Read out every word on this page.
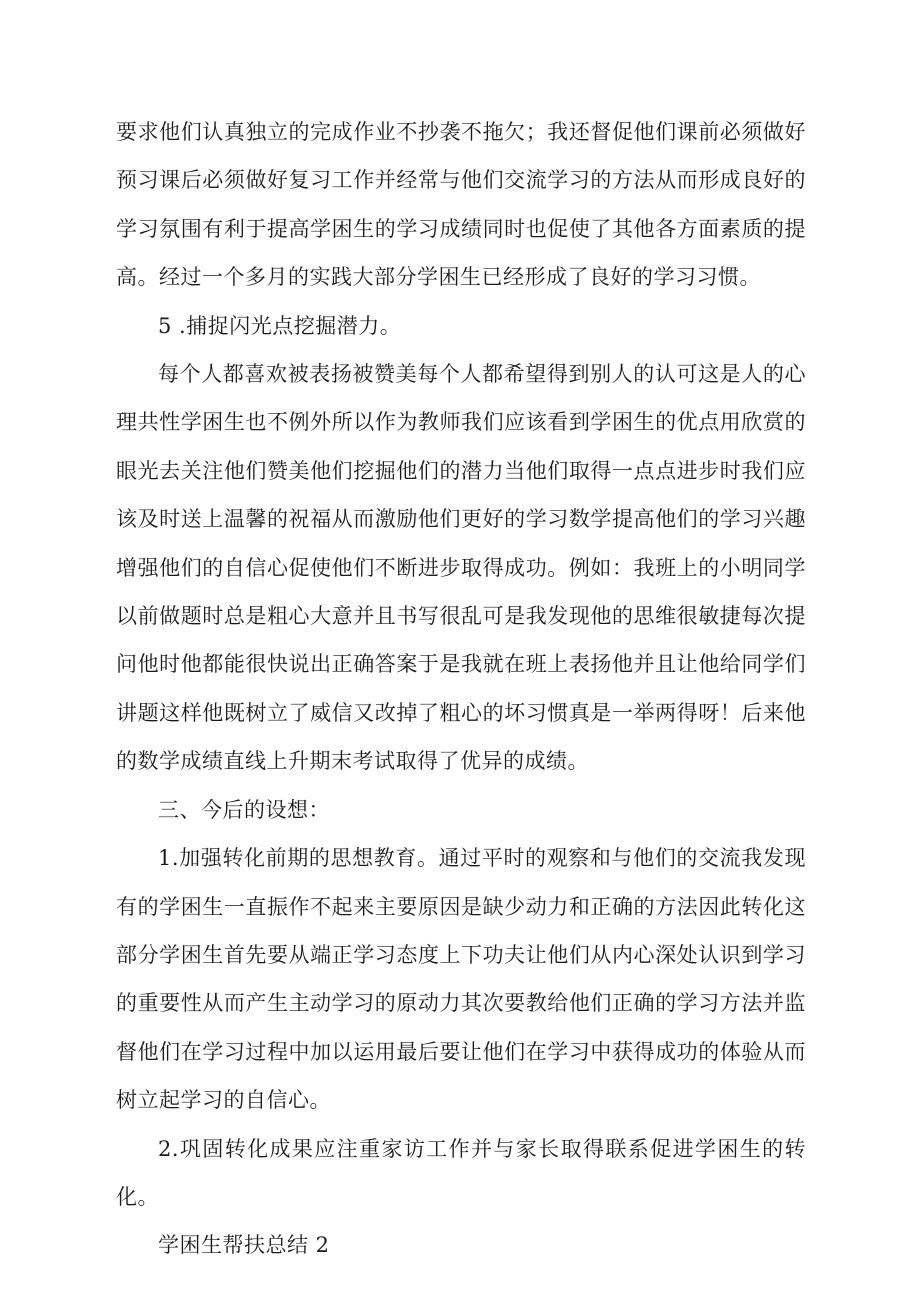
要求他们认真独立的完成作业不抄袭不拖欠；我还督促他们课前必须做好预习课后必须做好复习工作并经常与他们交流学习的方法从而形成良好的学习氛围有利于提高学困生的学习成绩同时也促使了其他各方面素质的提高。经过一个多月的实践大部分学困生已经形成了良好的学习习惯。

5 .捕捉闪光点挖掘潜力。

每个人都喜欢被表扬被赞美每个人都希望得到别人的认可这是人的心理共性学困生也不例外所以作为教师我们应该看到学困生的优点用欣赏的眼光去关注他们赞美他们挖掘他们的潜力当他们取得一点点进步时我们应该及时送上温馨的祝福从而激励他们更好的学习数学提高他们的学习兴趣增强他们的自信心促使他们不断进步取得成功。例如：我班上的小明同学以前做题时总是粗心大意并且书写很乱可是我发现他的思维很敏捷每次提问他时他都能很快说出正确答案于是我就在班上表扬他并且让他给同学们讲题这样他既树立了威信又改掉了粗心的坏习惯真是一举两得呀！后来他的数学成绩直线上升期末考试取得了优异的成绩。

三、今后的设想：

1.加强转化前期的思想教育。通过平时的观察和与他们的交流我发现有的学困生一直振作不起来主要原因是缺少动力和正确的方法因此转化这部分学困生首先要从端正学习态度上下功夫让他们从内心深处认识到学习的重要性从而产生主动学习的原动力其次要教给他们正确的学习方法并监督他们在学习过程中加以运用最后要让他们在学习中获得成功的体验从而树立起学习的自信心。

2.巩固转化成果应注重家访工作并与家长取得联系促进学困生的转化。

学困生帮扶总结 2
